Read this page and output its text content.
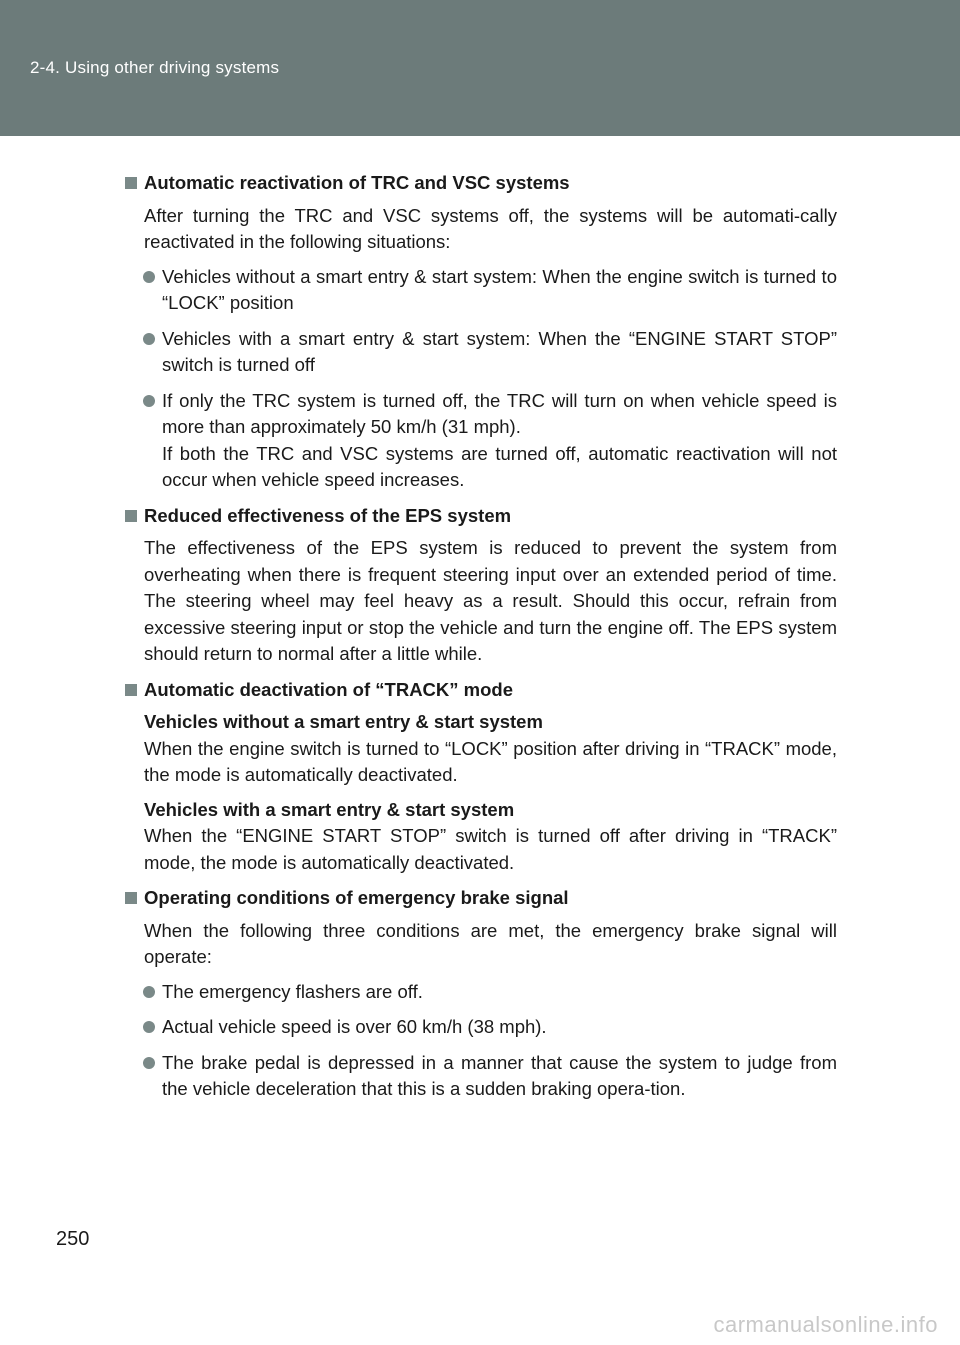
2-4. Using other driving systems
Automatic reactivation of TRC and VSC systems
After turning the TRC and VSC systems off, the systems will be automati-cally reactivated in the following situations:
Vehicles without a smart entry & start system: When the engine switch is turned to “LOCK” position
Vehicles with a smart entry & start system: When the “ENGINE START STOP” switch is turned off
If only the TRC system is turned off, the TRC will turn on when vehicle speed is more than approximately 50 km/h (31 mph).
If both the TRC and VSC systems are turned off, automatic reactivation will not occur when vehicle speed increases.
Reduced effectiveness of the EPS system
The effectiveness of the EPS system is reduced to prevent the system from overheating when there is frequent steering input over an extended period of time. The steering wheel may feel heavy as a result. Should this occur, refrain from excessive steering input or stop the vehicle and turn the engine off. The EPS system should return to normal after a little while.
Automatic deactivation of “TRACK” mode
Vehicles without a smart entry & start system
When the engine switch is turned to “LOCK” position after driving in “TRACK” mode, the mode is automatically deactivated.
Vehicles with a smart entry & start system
When the “ENGINE START STOP” switch is turned off after driving in “TRACK” mode, the mode is automatically deactivated.
Operating conditions of emergency brake signal
When the following three conditions are met, the emergency brake signal will operate:
The emergency flashers are off.
Actual vehicle speed is over 60 km/h (38 mph).
The brake pedal is depressed in a manner that cause the system to judge from the vehicle deceleration that this is a sudden braking opera-tion.
250
carmanualsonline.info
